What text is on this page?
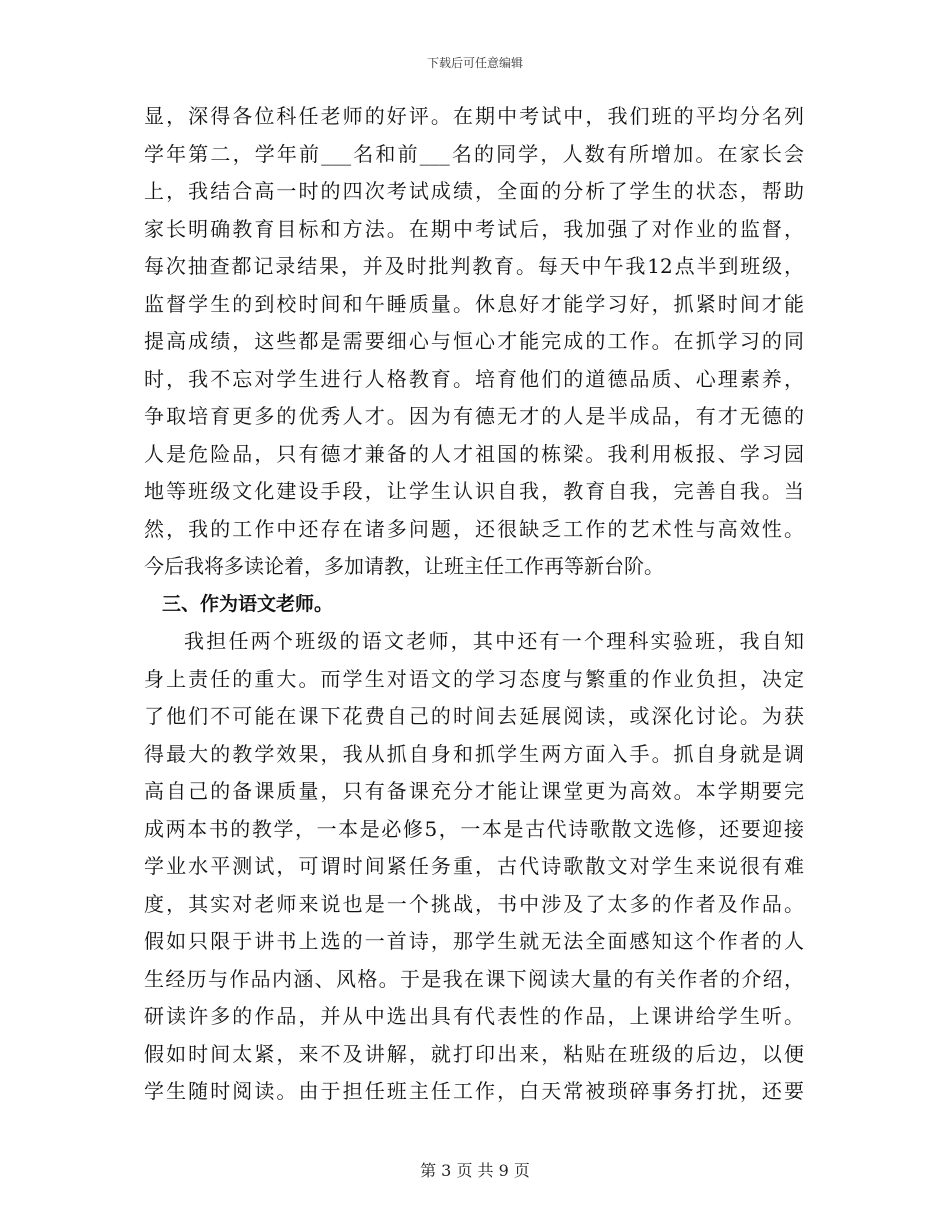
下载后可任意编辑
显，深得各位科任老师的好评。在期中考试中，我们班的平均分名列
学年第二，学年前___名和前___名的同学，人数有所增加。在家长会
上，我结合高一时的四次考试成绩，全面的分析了学生的状态，帮助
家长明确教育目标和方法。在期中考试后，我加强了对作业的监督，
每次抽查都记录结果，并及时批判教育。每天中午我12点半到班级，
监督学生的到校时间和午睡质量。休息好才能学习好，抓紧时间才能
提高成绩，这些都是需要细心与恒心才能完成的工作。在抓学习的同
时，我不忘对学生进行人格教育。培育他们的道德品质、心理素养，
争取培育更多的优秀人才。因为有德无才的人是半成品，有才无德的
人是危险品，只有德才兼备的人才祖国的栋梁。我利用板报、学习园
地等班级文化建设手段，让学生认识自我，教育自我，完善自我。当
然，我的工作中还存在诸多问题，还很缺乏工作的艺术性与高效性。
今后我将多读论着，多加请教，让班主任工作再等新台阶。
三、作为语文老师。
我担任两个班级的语文老师，其中还有一个理科实验班，我自知
身上责任的重大。而学生对语文的学习态度与繁重的作业负担，决定
了他们不可能在课下花费自己的时间去延展阅读，或深化讨论。为获
得最大的教学效果，我从抓自身和抓学生两方面入手。抓自身就是调
高自己的备课质量，只有备课充分才能让课堂更为高效。本学期要完
成两本书的教学，一本是必修5，一本是古代诗歌散文选修，还要迎接
学业水平测试，可谓时间紧任务重，古代诗歌散文对学生来说很有难
度，其实对老师来说也是一个挑战，书中涉及了太多的作者及作品。
假如只限于讲书上选的一首诗，那学生就无法全面感知这个作者的人
生经历与作品内涵、风格。于是我在课下阅读大量的有关作者的介绍，
研读许多的作品，并从中选出具有代表性的作品，上课讲给学生听。
假如时间太紧，来不及讲解，就打印出来，粘贴在班级的后边，以便
学生随时阅读。由于担任班主任工作，白天常被琐碎事务打扰，还要
第 3 页 共 9 页
